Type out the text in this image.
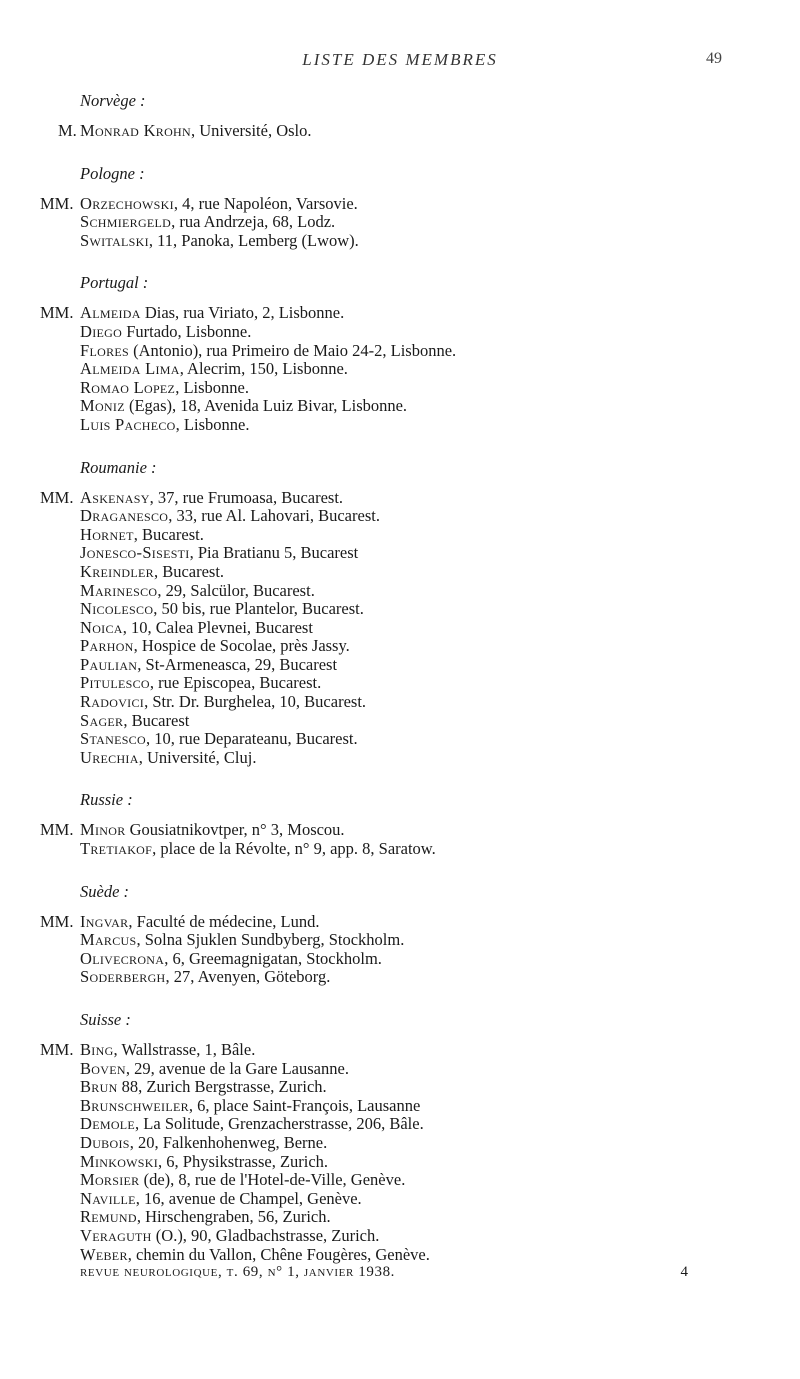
LISTE DES MEMBRES	49
Norvège :
M. Monrad Krohn, Université, Oslo.
Pologne :
MM. Orzechowski, 4, rue Napoléon, Varsovie.
Schmiergeld, rua Andrzeja, 68, Lodz.
Switalski, 11, Panoka, Lemberg (Lwow).
Portugal :
MM. Almeida Dias, rua Viriato, 2, Lisbonne.
Diego Furtado, Lisbonne.
Flores (Antonio), rua Primeiro de Maio 24-2, Lisbonne.
Almeida Lima, Alecrim, 150, Lisbonne.
Romao Lopez, Lisbonne.
Moniz (Egas), 18, Avenida Luiz Bivar, Lisbonne.
Luis Pacheco, Lisbonne.
Roumanie :
MM. Askenasy, 37, rue Frumoasa, Bucarest.
Draganesco, 33, rue Al. Lahovari, Bucarest.
Hornet, Bucarest.
Jonesco-Sisesti, Pia Bratianu 5, Bucarest
Kreindler, Bucarest.
Marinesco, 29, Salcülor, Bucarest.
Nicolesco, 50 bis, rue Plantelor, Bucarest.
Noica, 10, Calea Plevnei, Bucarest
Parhon, Hospice de Socolae, près Jassy.
Paulian, St-Armeneasca, 29, Bucarest
Pitulesco, rue Episcopea, Bucarest.
Radovici, Str. Dr. Burghelea, 10, Bucarest.
Sager, Bucarest
Stanesco, 10, rue Deparateanu, Bucarest.
Urechia, Université, Cluj.
Russie :
MM. Minor Gousiatnikovtper, n° 3, Moscou.
Tretiakof, place de la Révolte, n° 9, app. 8, Saratow.
Suède :
MM. Ingvar, Faculté de médecine, Lund.
Marcus, Solna Sjuklen Sundbyberg, Stockholm.
Olivecrona, 6, Greemagnigatan, Stockholm.
Soderbergh, 27, Avenyen, Göteborg.
Suisse :
MM. Bing, Wallstrasse, 1, Bâle.
Boven, 29, avenue de la Gare Lausanne.
Brun 88, Zurich Bergstrasse, Zurich.
Brunschweiler, 6, place Saint-François, Lausanne
Demole, La Solitude, Grenzacherstrasse, 206, Bâle.
Dubois, 20, Falkenhohenweg, Berne.
Minkowski, 6, Physikstrasse, Zurich.
Morsier (de), 8, rue de l'Hotel-de-Ville, Genève.
Naville, 16, avenue de Champel, Genève.
Remund, Hirschengraben, 56, Zurich.
Veraguth (O.), 90, Gladbachstrasse, Zurich.
Weber, chemin du Vallon, Chêne Fougères, Genève.
revue neurologique, t. 69, n° 1, janvier 1938.	4
